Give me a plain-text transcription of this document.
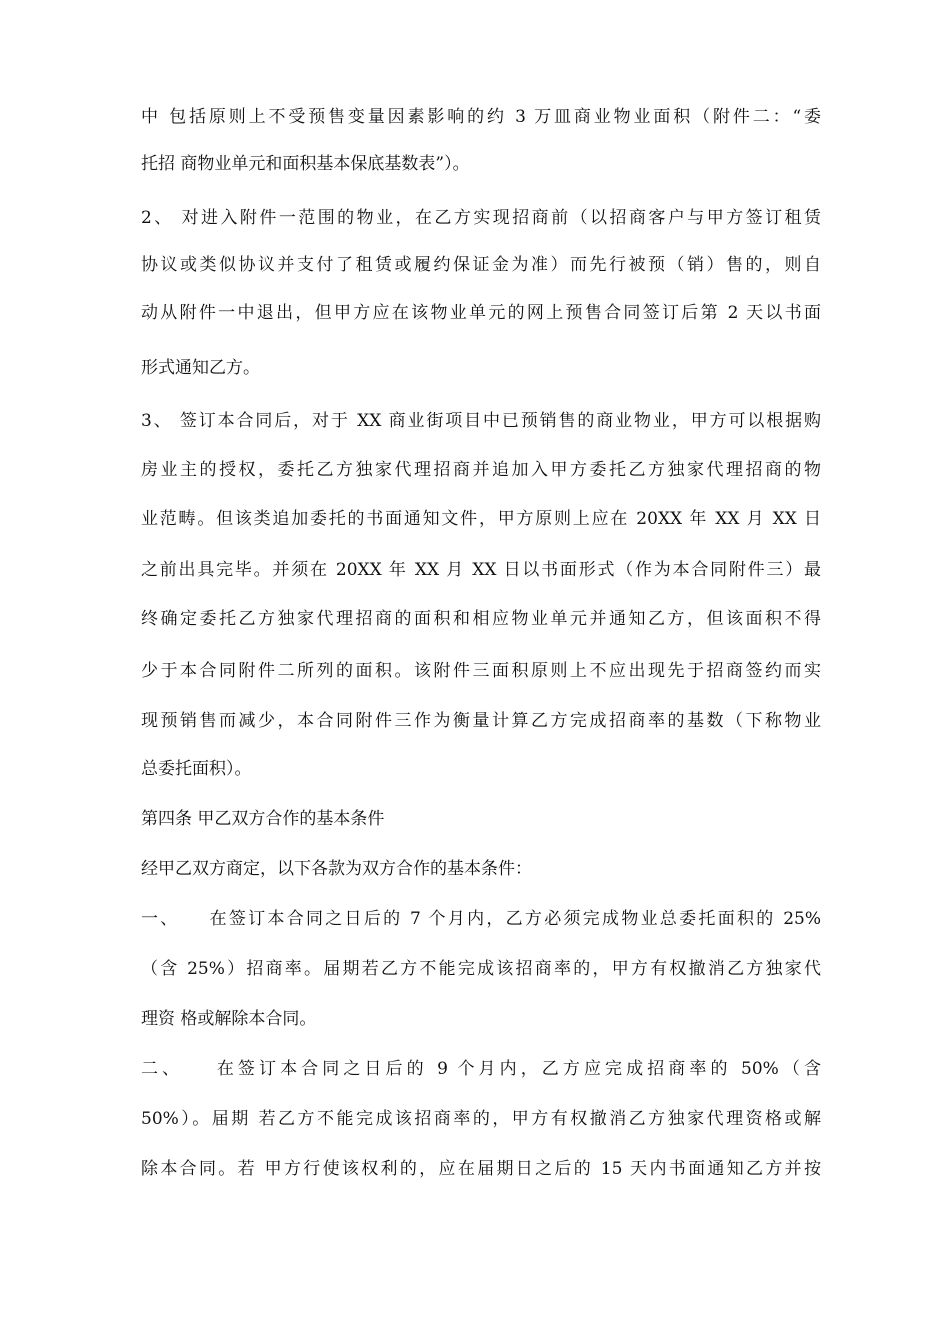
中 包括原则上不受预售变量因素影响的约 3 万皿商业物业面积（附件二：“委
托招 商物业单元和面积基本保底基数表”）。
2、 对进入附件一范围的物业，在乙方实现招商前（以招商客户与甲方签订租赁
协议或类似协议并支付了租赁或履约保证金为准）而先行被预（销）售的，则自
动从附件一中退出，但甲方应在该物业单元的网上预售合同签订后第 2 天以书面
形式通知乙方。
3、 签订本合同后，对于 XX 商业街项目中已预销售的商业物业，甲方可以根据购
房业主的授权，委托乙方独家代理招商并追加入甲方委托乙方独家代理招商的物
业范畴。但该类追加委托的书面通知文件，甲方原则上应在 20XX 年 XX 月 XX 日
之前出具完毕。并须在 20XX 年 XX 月 XX 日以书面形式（作为本合同附件三）最
终确定委托乙方独家代理招商的面积和相应物业单元并通知乙方，但该面积不得
少于本合同附件二所列的面积。该附件三面积原则上不应出现先于招商签约而实
现预销售而减少，本合同附件三作为衡量计算乙方完成招商率的基数（下称物业
总委托面积）。
第四条 甲乙双方合作的基本条件
经甲乙双方商定，以下各款为双方合作的基本条件：
一、　　在签订本合同之日后的 7 个月内，乙方必须完成物业总委托面积的 25%
（含 25%）招商率。届期若乙方不能完成该招商率的，甲方有权撤消乙方独家代
理资 格或解除本合同。
二、　　在签订本合同之日后的 9 个月内，乙方应完成招商率的 50%（含
50%）。届期 若乙方不能完成该招商率的，甲方有权撤消乙方独家代理资格或解
除本合同。若 甲方行使该权利的，应在届期日之后的 15 天内书面通知乙方并按
